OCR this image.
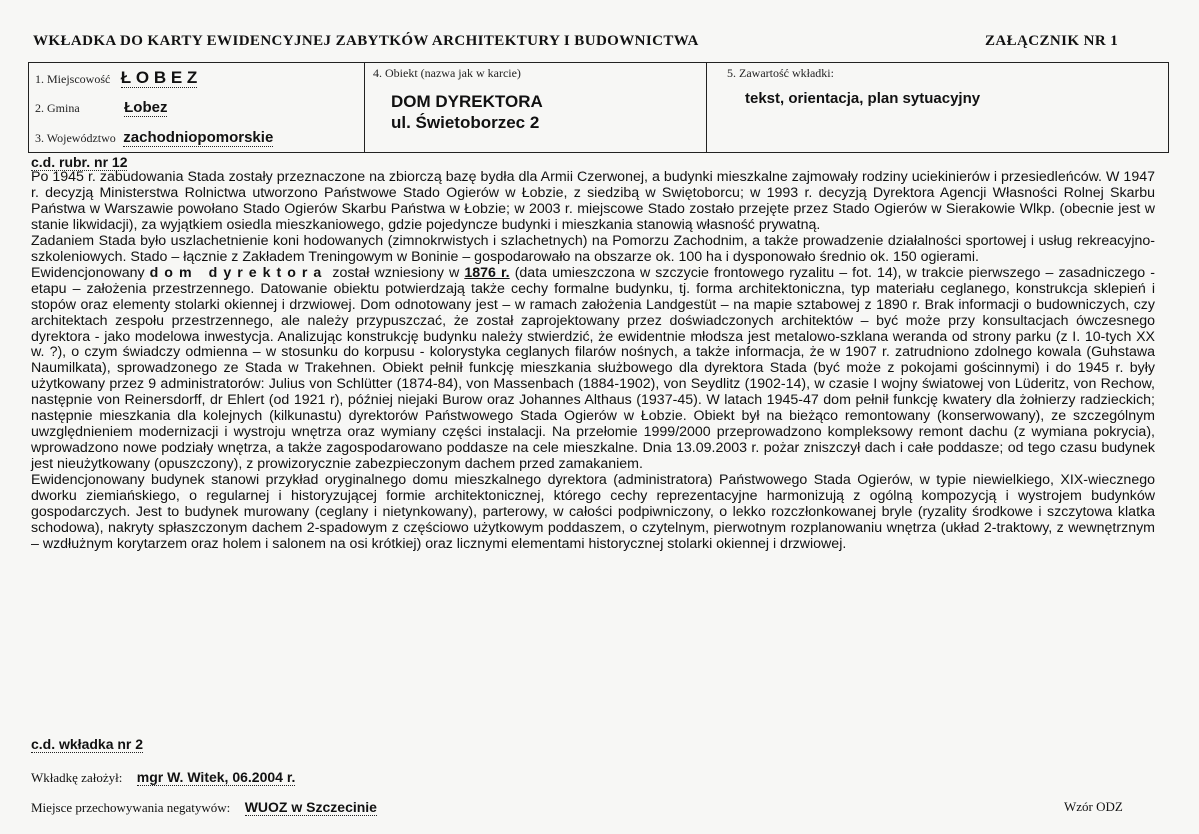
WKŁADKA DO KARTY EWIDENCYJNEJ ZABYTKÓW ARCHITEKTURY I BUDOWNICTWA	ZAŁĄCZNIK NR 1
1. Miejscowość Ł O B E Z
2. Gmina	Łobez
3. Województwo zachodniopomorskie
4. Obiekt (nazwa jak w karcie)
DOM DYREKTORA
ul. Świetoborzec 2
5. Zawartość wkładki:
tekst, orientacja, plan sytuacyjny
c.d. rubr. nr 12

Po 1945 r. zabudowania Stada zostały przeznaczone na zbiorczą bazę bydła dla Armii Czerwonej, a budynki mieszkalne zajmowały rodziny uciekinierów i przesiedleńców. W 1947 r. decyzją Ministerstwa Rolnictwa utworzono Państwowe Stado Ogierów w Łobzie, z siedzibą w Swiętoborcu; w 1993 r. decyzją Dyrektora Agencji Własności Rolnej Skarbu Państwa w Warszawie powołano Stado Ogierów Skarbu Państwa w Łobzie; w 2003 r. miejscowe Stado zostało przejęte przez Stado Ogierów w Sierakowie Wlkp. (obecnie jest w stanie likwidacji), za wyjątkiem osiedla mieszkaniowego, gdzie pojedyncze budynki i mieszkania stanowią własność prywatną.

Zadaniem Stada było uszlachetnienie koni hodowanych (zimnokrwistych i szlachetnych) na Pomorzu Zachodnim, a także prowadzenie działalności sportowej i usług rekreacyjno-szkoleniowych. Stado – łącznie z Zakładem Treningowym w Boninie – gospodarowało na obszarze ok. 100 ha i dysponowało średnio ok. 150 ogierami.

Ewidencjonowany dom dyrektora został wzniesiony w 1876 r. (data umieszczona w szczycie frontowego ryzalitu – fot. 14), w trakcie pierwszego – zasadniczego - etapu – założenia przestrzennego. Datowanie obiektu potwierdzają także cechy formalne budynku, tj. forma architektoniczna, typ materiału ceglanego, konstrukcja sklepień i stopów oraz elementy stolarki okiennej i drzwiowej. Dom odnotowany jest – w ramach założenia Landgestüt – na mapie sztabowej z 1890 r. Brak informacji o budowniczych, czy architektach zespołu przestrzennego, ale należy przypuszczać, że został zaprojektowany przez doświadczonych architektów – być może przy konsultacjach ówczesnego dyrektora - jako modelowa inwestycja. Analizując konstrukcję budynku należy stwierdzić, że ewidentnie młodsza jest metalowo-szklana weranda od strony parku (z I. 10-tych XX w. ?), o czym świadczy odmienna – w stosunku do korpusu - kolorystyka ceglanych filarów nośnych, a także informacja, że w 1907 r. zatrudniono zdolnego kowala (Guhstawa Naumilkata), sprowadzonego ze Stada w Trakehnen. Obiekt pełnił funkcję mieszkania służbowego dla dyrektora Stada (być może z pokojami gościnnymi) i do 1945 r. były użytkowany przez 9 administratorów: Julius von Schlütter (1874-84), von Massenbach (1884-1902), von Seydlitz (1902-14), w czasie I wojny światowej von Lüderitz, von Rechow, następnie von Reinersdorff, dr Ehlert (od 1921 r), później niejaki Burow oraz Johannes Althaus (1937-45). W latach 1945-47 dom pełnił funkcję kwatery dla żołnierzy radzieckich; następnie mieszkania dla kolejnych (kilkunastu) dyrektorów Państwowego Stada Ogierów w Łobzie. Obiekt był na bieżąco remontowany (konserwowany), ze szczególnym uwzględnieniem modernizacji i wystroju wnętrza oraz wymiany części instalacji. Na przełomie 1999/2000 przeprowadzono kompleksowy remont dachu (z wymiana pokrycia), wprowadzono nowe podziały wnętrza, a także zagospodarowano poddasze na cele mieszkalne. Dnia 13.09.2003 r. pożar zniszczył dach i całe poddasze; od tego czasu budynek jest nieużytkowany (opuszczony), z prowizorycznie zabezpieczonym dachem przed zamakaniem.

Ewidencjonowany budynek stanowi przykład oryginalnego domu mieszkalnego dyrektora (administratora) Państwowego Stada Ogierów, w typie niewielkiego, XIX-wiecznego dworku ziemiańskiego, o regularnej i historyzującej formie architektonicznej, którego cechy reprezentacyjne harmonizują z ogólną kompozycją i wystrojem budynków gospodarczych. Jest to budynek murowany (ceglany i nietynkowany), parterowy, w całości podpiwniczony, o lekko rozczłonkowanej bryle (ryzality środkowe i szczytowa klatka schodowa), nakryty spłaszczonym dachem 2-spadowym z częściowo użytkowym poddaszem, o czytelnym, pierwotnym rozplanowaniu wnętrza (układ 2-traktowy, z wewnętrznym – wzdłużnym korytarzem oraz holem i salonem na osi krótkiej) oraz licznymi elementami historycznej stolarki okiennej i drzwiowej.

c.d. wkładka nr 2
Wkładkę założył: mgr W. Witek, 06.2004 r.
Miejsce przechowywania negatywów: WUOZ w Szczecinie	Wzór ODZ
